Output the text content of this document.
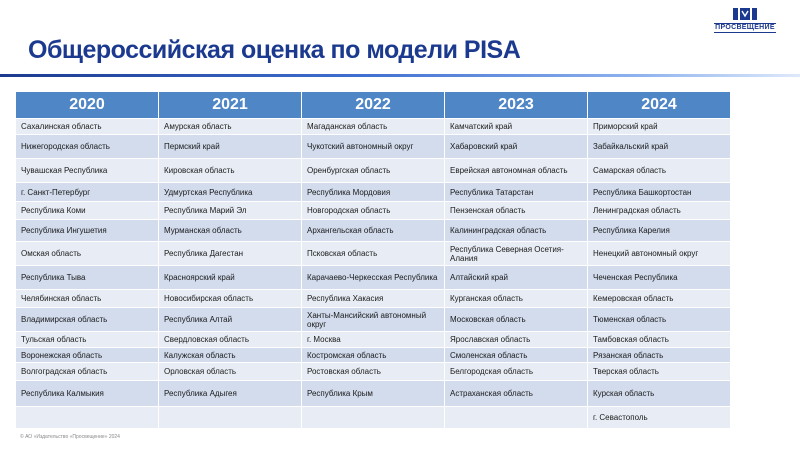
ПРОСВЕЩЕНИЕ
Общероссийская оценка по модели PISA
2020	2021	2022	2023	2024
Сахалинская область	Амурская область	Магаданская область	Камчатский край	Приморский край
Нижегородская область	Пермский край	Чукотский автономный округ	Хабаровский край	Забайкальский край
Чувашская Республика	Кировская область	Оренбургская область	Еврейская автономная область	Самарская область
г. Санкт-Петербург	Удмуртская Республика	Республика Мордовия	Республика Татарстан	Республика Башкортостан
Республика Коми	Республика Марий Эл	Новгородская область	Пензенская область	Ленинградская область
Республика Ингушетия	Мурманская область	Архангельская область	Калининградская область	Республика Карелия
Омская область	Республика Дагестан	Псковская область	Республика Северная Осетия-Алания	Ненецкий автономный округ
Республика Тыва	Красноярский край	Карачаево-Черкесская Республика	Алтайский край	Чеченская Республика
Челябинская область	Новосибирская область	Республика Хакасия	Курганская область	Кемеровская область
Владимирская область	Республика Алтай	Ханты-Мансийский автономный округ	Московская область	Тюменская область
Тульская область	Свердловская область	г. Москва	Ярославская область	Тамбовская область
Воронежская область	Калужская область	Костромская область	Смоленская область	Рязанская область
Волгоградская область	Орловская область	Ростовская область	Белгородская область	Тверская область
Республика Калмыкия	Республика Адыгея	Республика Крым	Астраханская область	Курская область
				г. Севастополь
© АО «Издательство «Просвещение» 2024
